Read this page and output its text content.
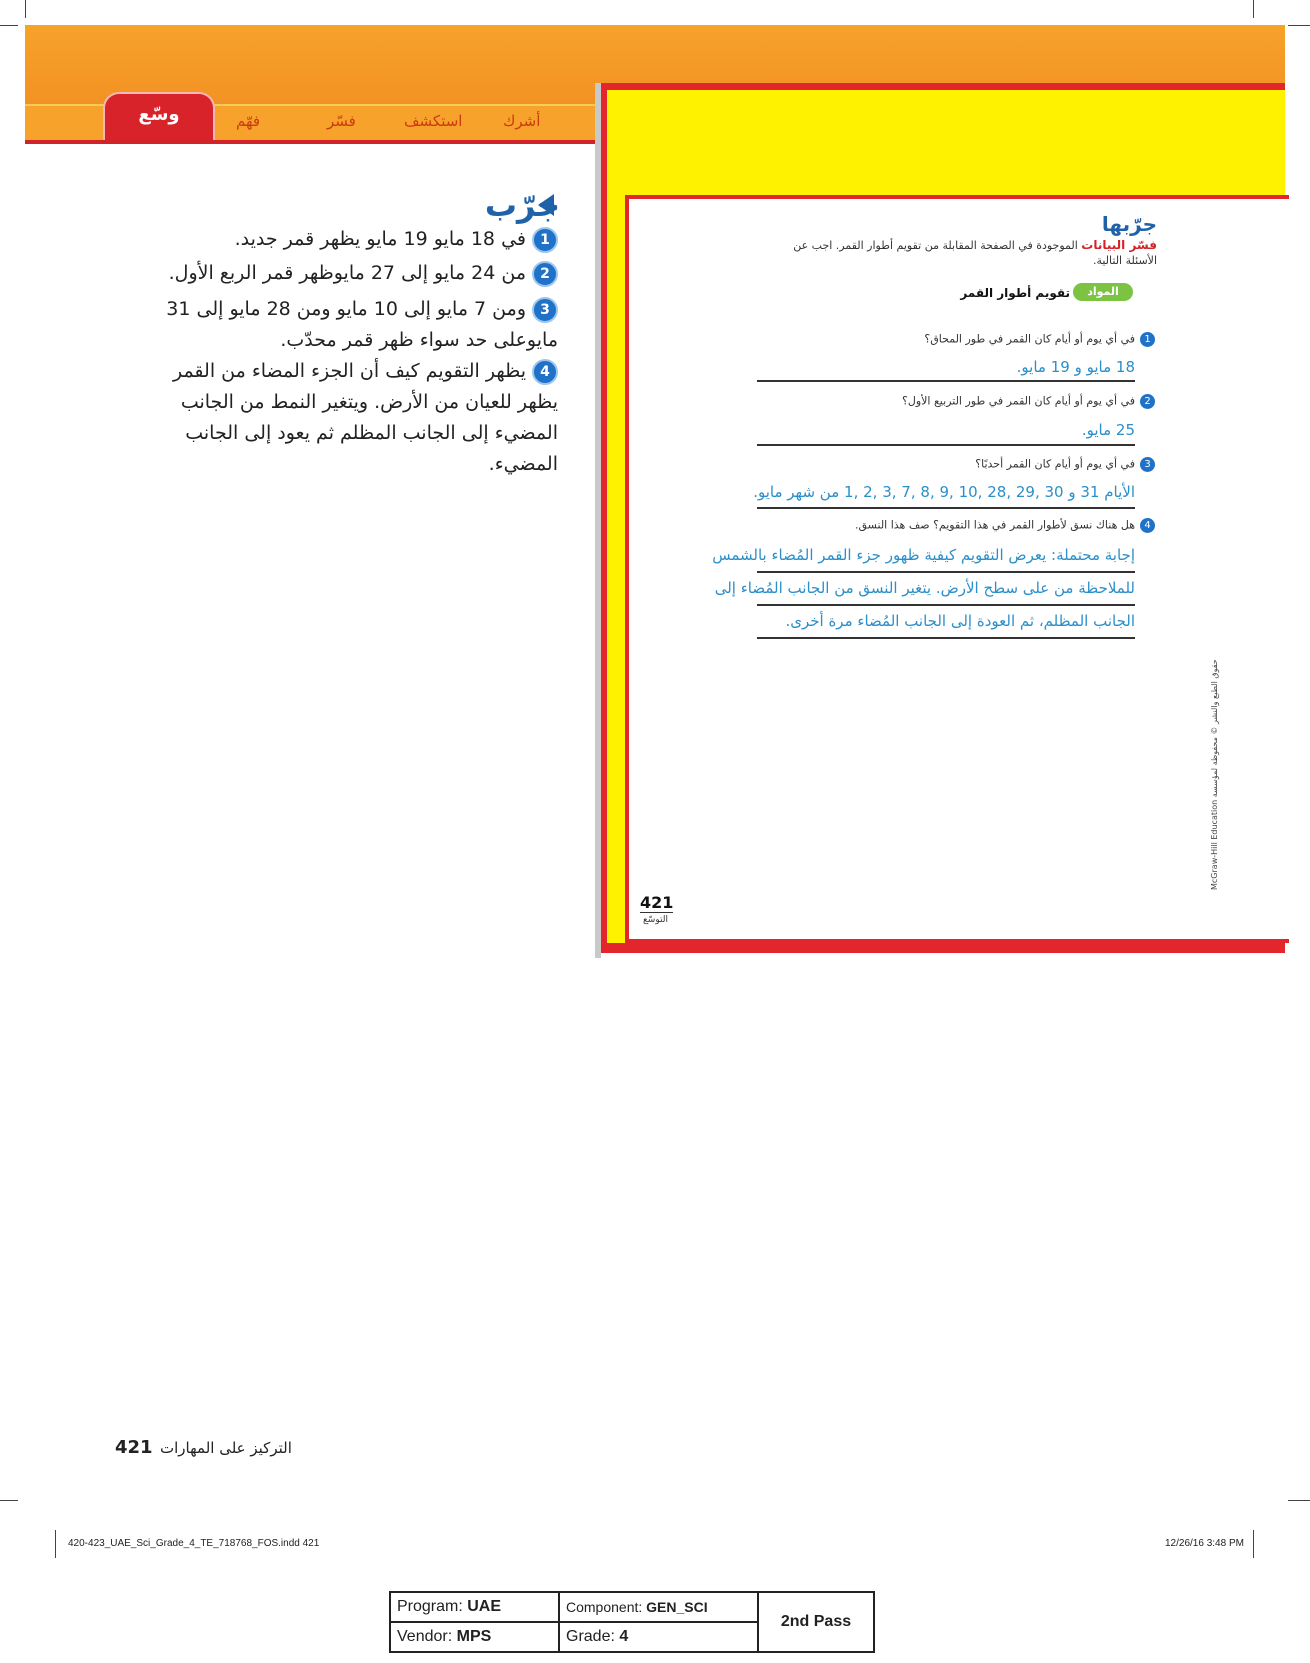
وسّع	فهّم	فسّر	استكشف	أشرك
جرّب
1في 18 مايو 19 مايو يظهر قمر جديد.
2من 24 مايو إلى 27 مايوظهر قمر الربع الأول.
3ومن 7 مايو إلى 10 مايو ومن 28 مايو إلى 31 مايوعلى حد سواء ظهر قمر محدّب.
4يظهر التقويم كيف أن الجزء المضاء من القمر يظهر للعيان من الأرض. ويتغير النمط من الجانب المضيء إلى الجانب المظلم ثم يعود إلى الجانب المضيء.
جرّبها
فسّر البيانات الموجودة في الصفحة المقابلة من تقويم أطوار القمر. اجب عن الأسئلة التالية.
المواد
تقويم أطوار القمر
1في أي يوم أو أيام كان القمر في طور المحاق؟
18 مايو و 19 مايو.
2في أي يوم أو أيام كان القمر في طور التربيع الأول؟
25 مايو.
3في أي يوم أو أيام كان القمر أحدبًا؟
الأيام 31 و 30 ,29 ,28 ,10 ,9 ,8 ,7 ,3 ,2 ,1 من شهر مايو.
4هل هناك نسق لأطوار القمر في هذا التقويم؟ صف هذا النسق.
إجابة محتملة: يعرض التقويم كيفية ظهور جزء القمر المُضاء بالشمس
للملاحظة من على سطح الأرض. يتغير النسق من الجانب المُضاء إلى
الجانب المظلم، ثم العودة إلى الجانب المُضاء مرة أخرى.
421
التوسّع
McGraw-Hill Education حقوق الطبع والنشر © محفوظة لمؤسسة
421 التركيز على المهارات
420-423_UAE_Sci_Grade_4_TE_718768_FOS.indd 421	12/26/16 3:48 PM
Program: UAE	Component: GEN_SCI	2nd Pass
Vendor: MPS	Grade: 4	
